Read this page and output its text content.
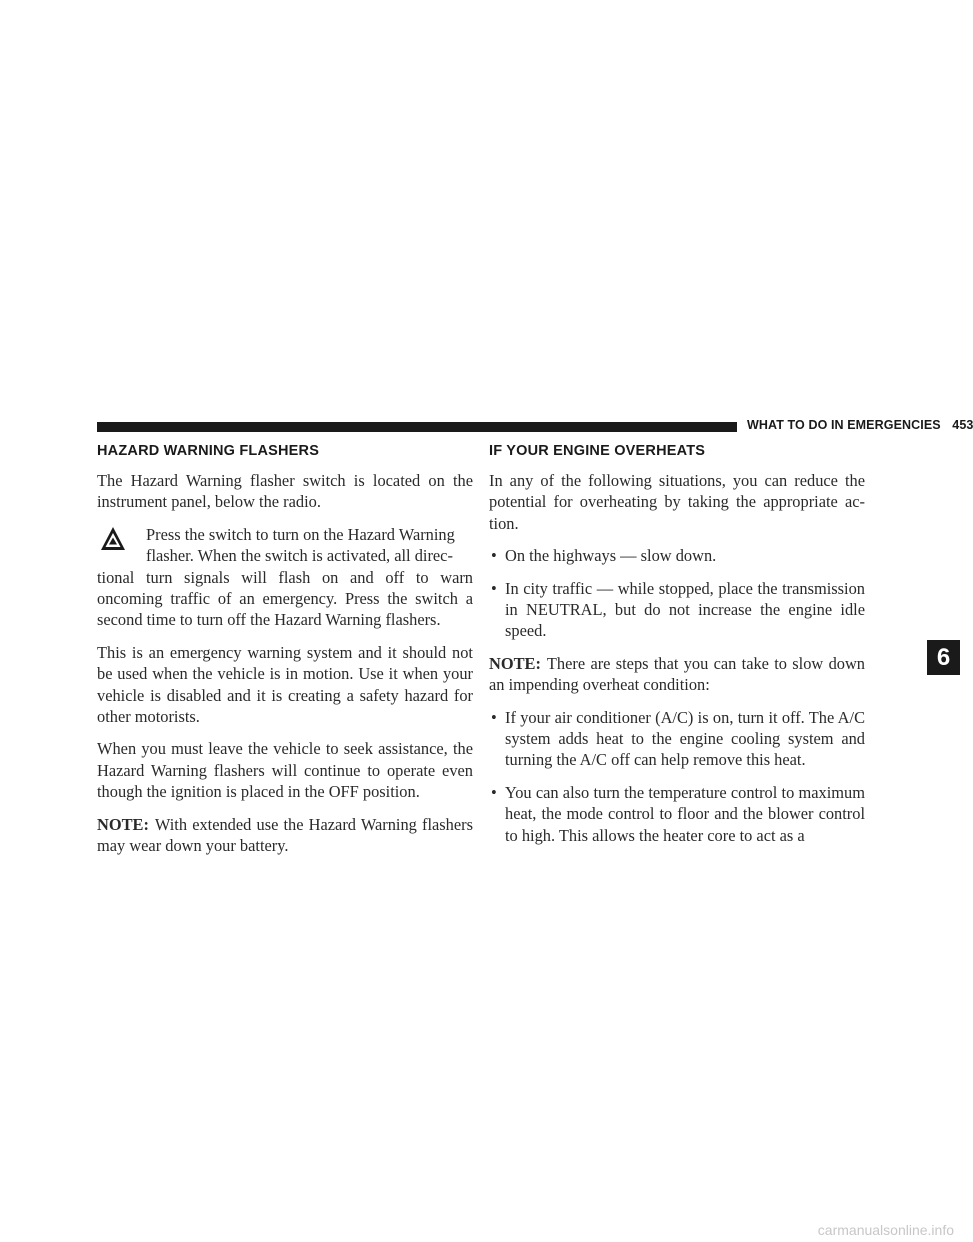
WHAT TO DO IN EMERGENCIES 453
HAZARD WARNING FLASHERS

The Hazard Warning flasher switch is located on the instrument panel, below the radio.

Press the switch to turn on the Hazard Warning
flasher. When the switch is activated, all direc-
tional turn signals will flash on and off to warn oncoming traffic of an emergency. Press the switch a second time to turn off the Hazard Warning flashers.

This is an emergency warning system and it should not be used when the vehicle is in motion. Use it when your vehicle is disabled and it is creating a safety hazard for other motorists.

When you must leave the vehicle to seek assistance, the Hazard Warning flashers will continue to operate even though the ignition is placed in the OFF position.

NOTE: With extended use the Hazard Warning flashers may wear down your battery.

IF YOUR ENGINE OVERHEATS

In any of the following situations, you can reduce the potential for overheating by taking the appropriate ac-tion.

• On the highways — slow down.
• In city traffic — while stopped, place the transmission in NEUTRAL, but do not increase the engine idle speed.

NOTE: There are steps that you can take to slow down an impending overheat condition:

• If your air conditioner (A/C) is on, turn it off. The A/C system adds heat to the engine cooling system and turning the A/C off can help remove this heat.
• You can also turn the temperature control to maximum heat, the mode control to floor and the blower control to high. This allows the heater core to act as a
6
carmanualsonline.info
